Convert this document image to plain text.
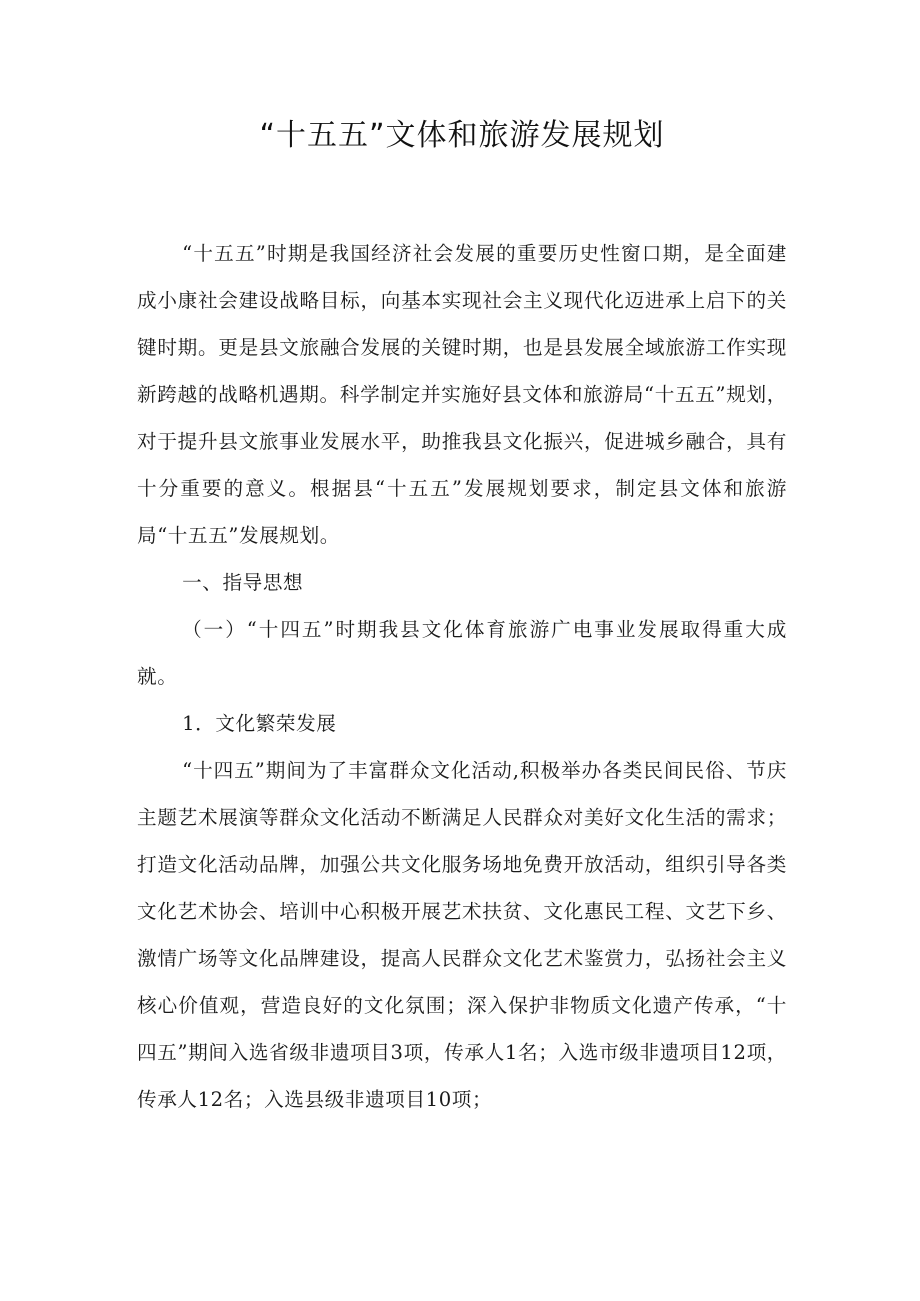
“十五五”文体和旅游发展规划

“十五五”时期是我国经济社会发展的重要历史性窗口期，是全面建成小康社会建设战略目标，向基本实现社会主义现代化迈进承上启下的关键时期。更是县文旅融合发展的关键时期，也是县发展全域旅游工作实现新跨越的战略机遇期。科学制定并实施好县文体和旅游局“十五五”规划，对于提升县文旅事业发展水平，助推我县文化振兴，促进城乡融合，具有十分重要的意义。根据县“十五五”发展规划要求，制定县文体和旅游局“十五五”发展规划。

一、指导思想

（一）“十四五”时期我县文化体育旅游广电事业发展取得重大成就。

1．文化繁荣发展

“十四五”期间为了丰富群众文化活动,积极举办各类民间民俗、节庆主题艺术展演等群众文化活动不断满足人民群众对美好文化生活的需求；打造文化活动品牌，加强公共文化服务场地免费开放活动，组织引导各类文化艺术协会、培训中心积极开展艺术扶贫、文化惠民工程、文艺下乡、激情广场等文化品牌建设，提高人民群众文化艺术鉴赏力，弘扬社会主义核心价值观，营造良好的文化氛围；深入保护非物质文化遗产传承，“十四五”期间入选省级非遗项目3项，传承人1名；入选市级非遗项目12项，传承人12名；入选县级非遗项目10项；
